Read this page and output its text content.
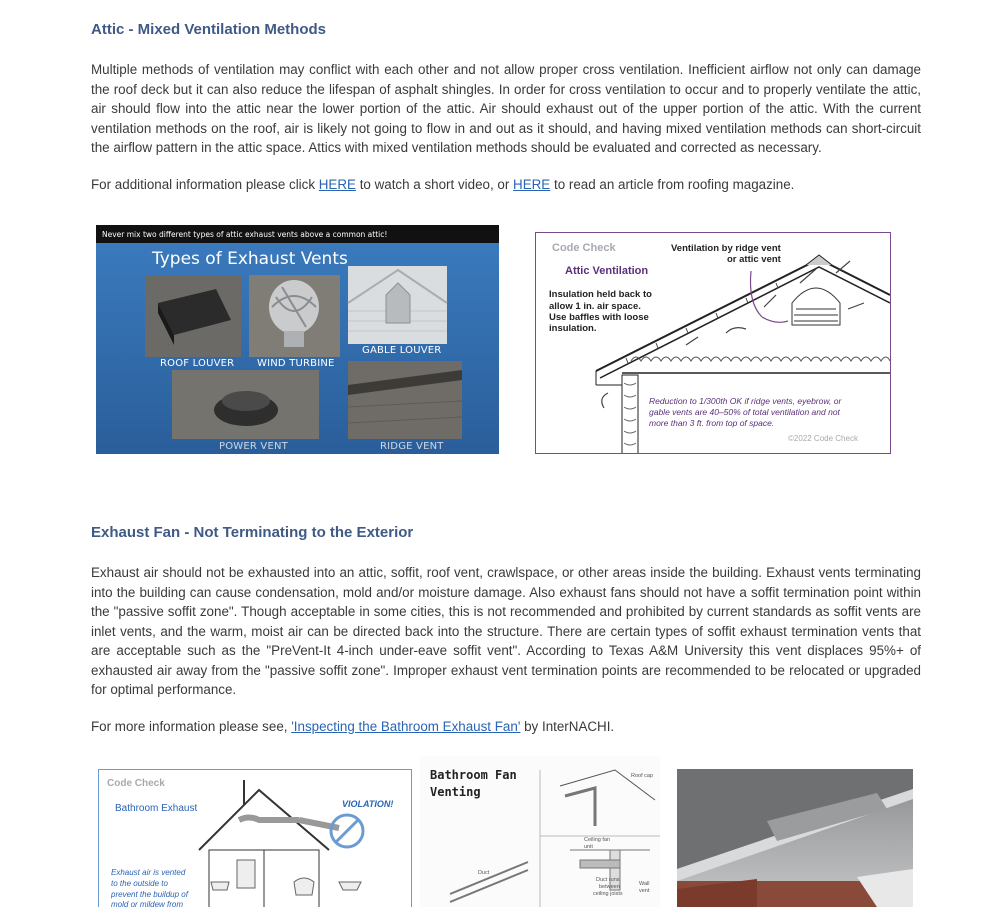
Attic - Mixed Ventilation Methods

Multiple methods of ventilation may conflict with each other and not allow proper cross ventilation. Inefficient airflow not only can damage the roof deck but it can also reduce the lifespan of asphalt shingles. In order for cross ventilation to occur and to properly ventilate the attic, air should flow into the attic near the lower portion of the attic. Air should exhaust out of the upper portion of the attic. With the current ventilation methods on the roof, air is likely not going to flow in and out as it should, and having mixed ventilation methods can short-circuit the airflow pattern in the attic space. Attics with mixed ventilation methods should be evaluated and corrected as necessary.

For additional information please click HERE to watch a short video, or HERE to read an article from roofing magazine.

Never mix two different types of attic exhaust vents above a common attic!
Types of Exhaust Vents
ROOF LOUVER WIND TURBINE
GABLE LOUVER
POWER VENT	RIDGE VENT
Code Check
Attic Ventilation
Ventilation by ridge vent
or attic vent
Insulation held back to
allow 1 in. air space.
Use baffles with loose
insulation.
Reduction to 1/300th OK if ridge vents, eyebrow, or
gable vents are 40–50% of total ventilation and not
more than 3 ft. from top of space.
©2022 Code Check
Exhaust Fan - Not Terminating to the Exterior

Exhaust air should not be exhausted into an attic, soffit, roof vent, crawlspace, or other areas inside the building. Exhaust vents terminating into the building can cause condensation, mold and/or moisture damage. Also exhaust fans should not have a soffit termination point within the "passive soffit zone". Though acceptable in some cities, this is not recommended and prohibited by current standards as soffit vents are inlet vents, and the warm, moist air can be directed back into the structure. There are certain types of soffit exhaust termination vents that are acceptable such as the "PreVent-It 4-inch under-eave soffit vent". According to Texas A&M University this vent displaces 95%+ of exhausted air away from the "passive soffit zone". Improper exhaust vent termination points are recommended to be relocated or upgraded for optimal performance.

For more information please see, 'Inspecting the Bathroom Exhaust Fan' by InterNACHI.

Code Check
Bathroom Exhaust	VIOLATION!
Exhaust air is vented
to the outside to
prevent the buildup of
mold or mildew from
Bathroom Fan
Venting
Roof cap
Ceiling fan
unit
Duct
Duct runs
between
ceiling joists
Wall
vent
